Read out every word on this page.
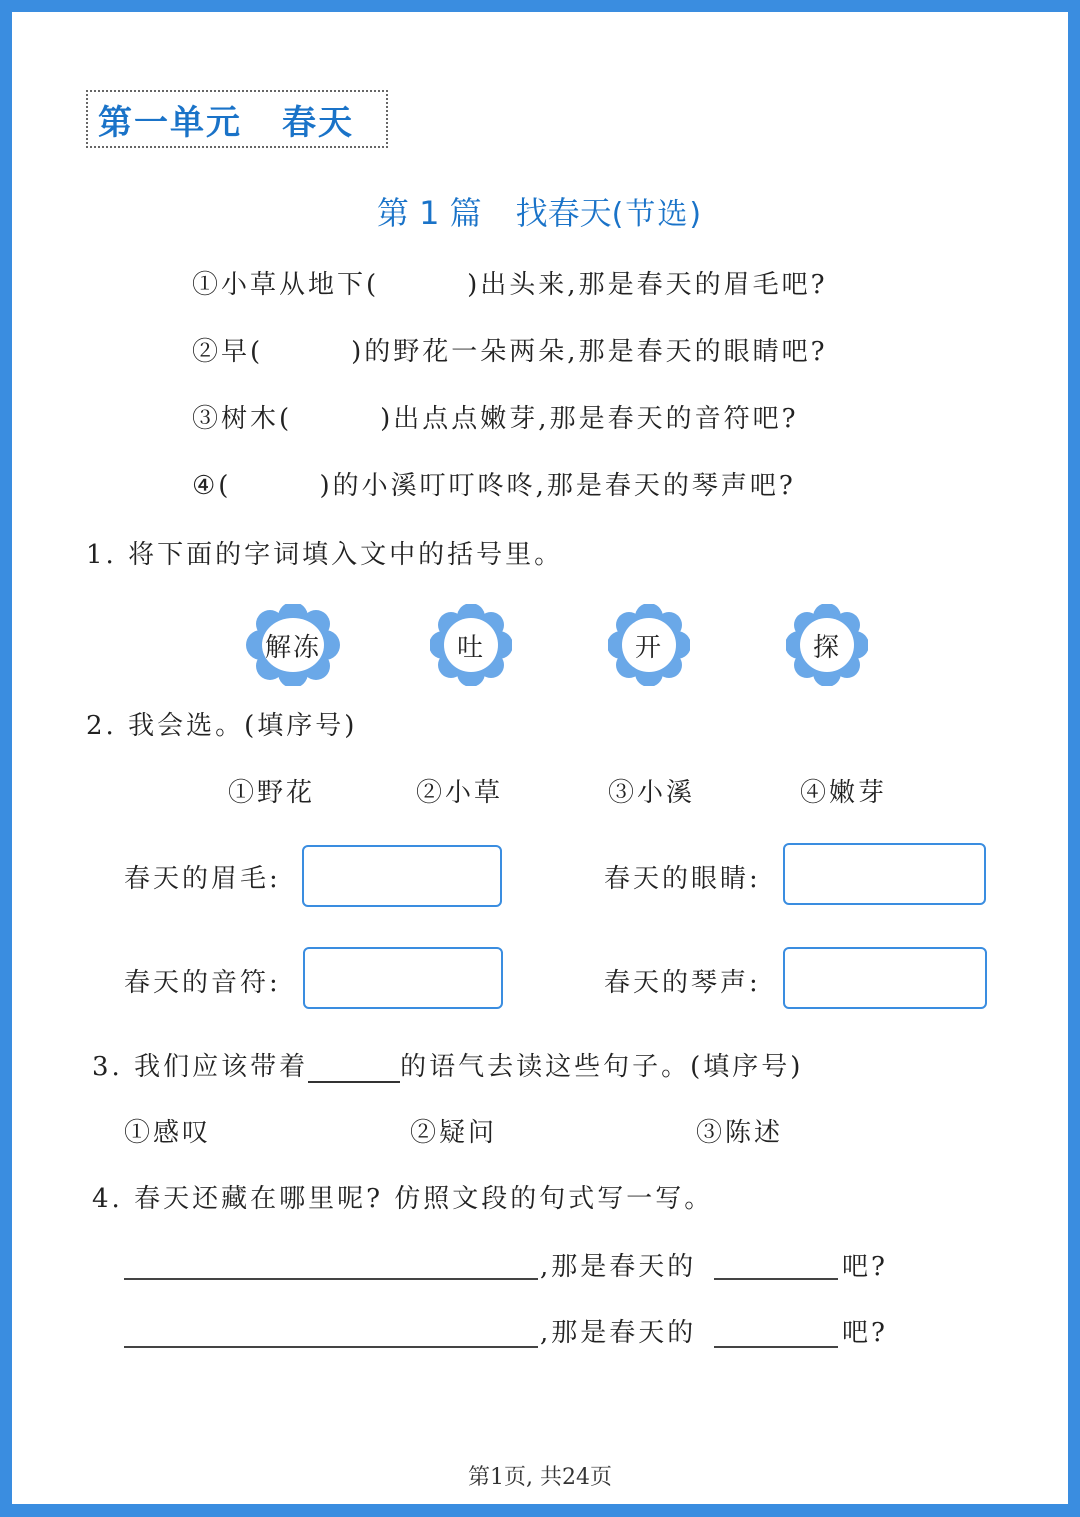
第一单元 春天
第 1 篇 找春天(节选)
①小草从地下(	)出头来,那是春天的眉毛吧?
②早(	)的野花一朵两朵,那是春天的眼睛吧?
③树木(	)出点点嫩芽,那是春天的音符吧?
④(	)的小溪叮叮咚咚,那是春天的琴声吧?
1. 将下面的字词填入文中的括号里。
解冻	吐	开	探
2. 我会选。(填序号)
①野花	②小草	③小溪	④嫩芽
春天的眉毛:	春天的眼睛:
春天的音符:	春天的琴声:
3. 我们应该带着	的语气去读这些句子。(填序号)
①感叹	②疑问	③陈述
4. 春天还藏在哪里呢? 仿照文段的句式写一写。
,那是春天的	吧?
,那是春天的	吧?
第1页, 共24页
